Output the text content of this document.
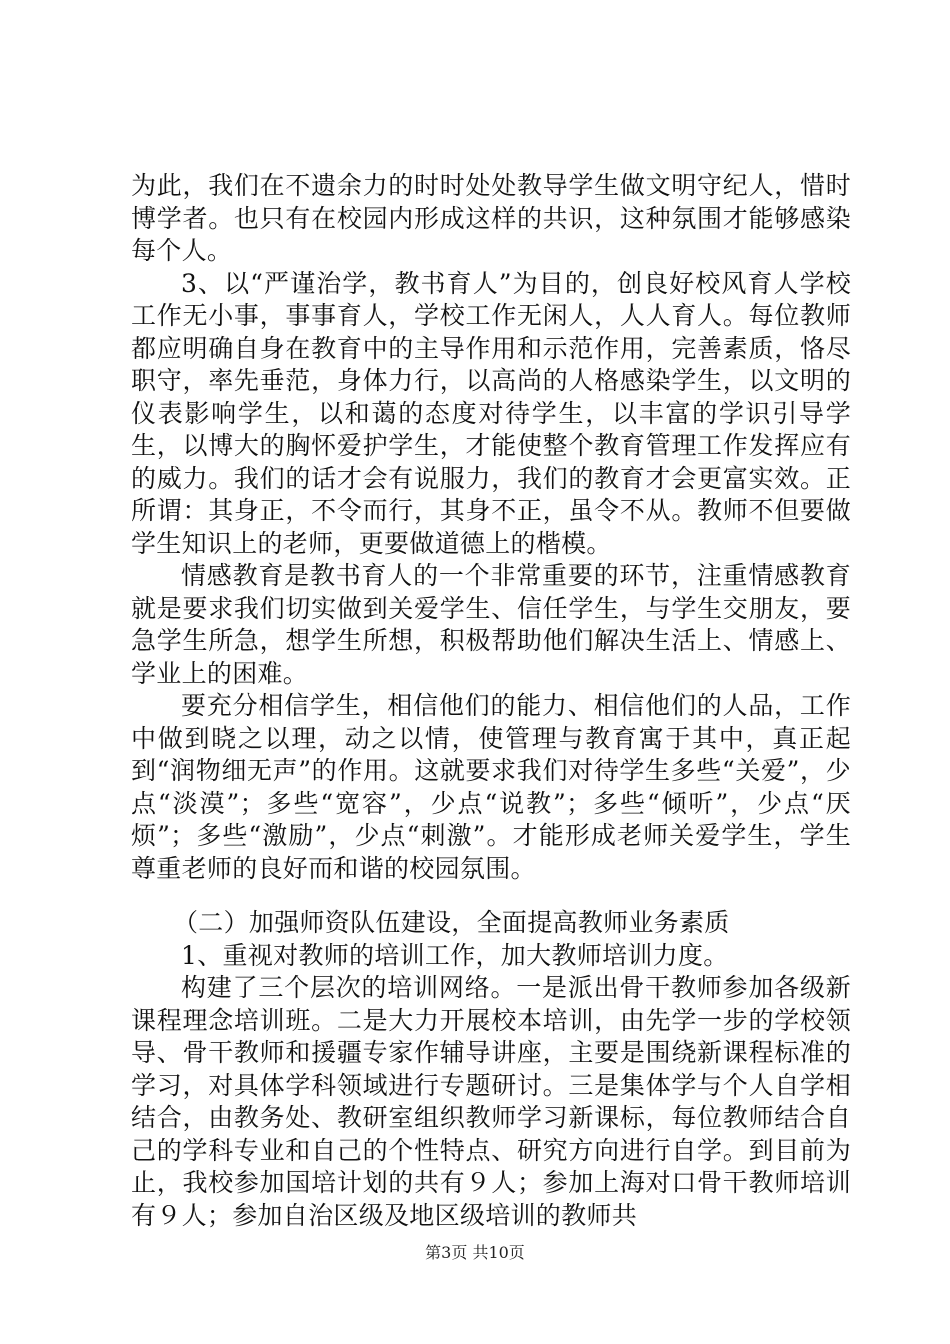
为此，我们在不遗余力的时时处处教导学生做文明守纪人，惜时博学者。也只有在校园内形成这样的共识，这种氛围才能够感染每个人。

3、以“严谨治学，教书育人”为目的，创良好校风育人学校工作无小事，事事育人，学校工作无闲人，人人育人。每位教师都应明确自身在教育中的主导作用和示范作用，完善素质，恪尽职守，率先垂范，身体力行，以高尚的人格感染学生，以文明的仪表影响学生，以和蔼的态度对待学生，以丰富的学识引导学生，以博大的胸怀爱护学生，才能使整个教育管理工作发挥应有的威力。我们的话才会有说服力，我们的教育才会更富实效。正所谓：其身正，不令而行，其身不正，虽令不从。教师不但要做学生知识上的老师，更要做道德上的楷模。

情感教育是教书育人的一个非常重要的环节，注重情感教育就是要求我们切实做到关爱学生、信任学生，与学生交朋友，要急学生所急，想学生所想，积极帮助他们解决生活上、情感上、学业上的困难。

要充分相信学生，相信他们的能力、相信他们的人品，工作中做到晓之以理，动之以情，使管理与教育寓于其中，真正起到“润物细无声”的作用。这就要求我们对待学生多些“关爱”，少点“淡漠”；多些“宽容”，少点“说教”；多些“倾听”，少点“厌烦”；多些“激励”，少点“刺激”。才能形成老师关爱学生，学生尊重老师的良好而和谐的校园氛围。

（二）加强师资队伍建设，全面提高教师业务素质

1、重视对教师的培训工作，加大教师培训力度。

构建了三个层次的培训网络。一是派出骨干教师参加各级新课程理念培训班。二是大力开展校本培训，由先学一步的学校领导、骨干教师和援疆专家作辅导讲座，主要是围绕新课程标准的学习，对具体学科领域进行专题研讨。三是集体学与个人自学相结合，由教务处、教研室组织教师学习新课标，每位教师结合自己的学科专业和自己的个性特点、研究方向进行自学。到目前为止，我校参加国培计划的共有９人；参加上海对口骨干教师培训有９人；参加自治区级及地区级培训的教师共

第3页 共10页
